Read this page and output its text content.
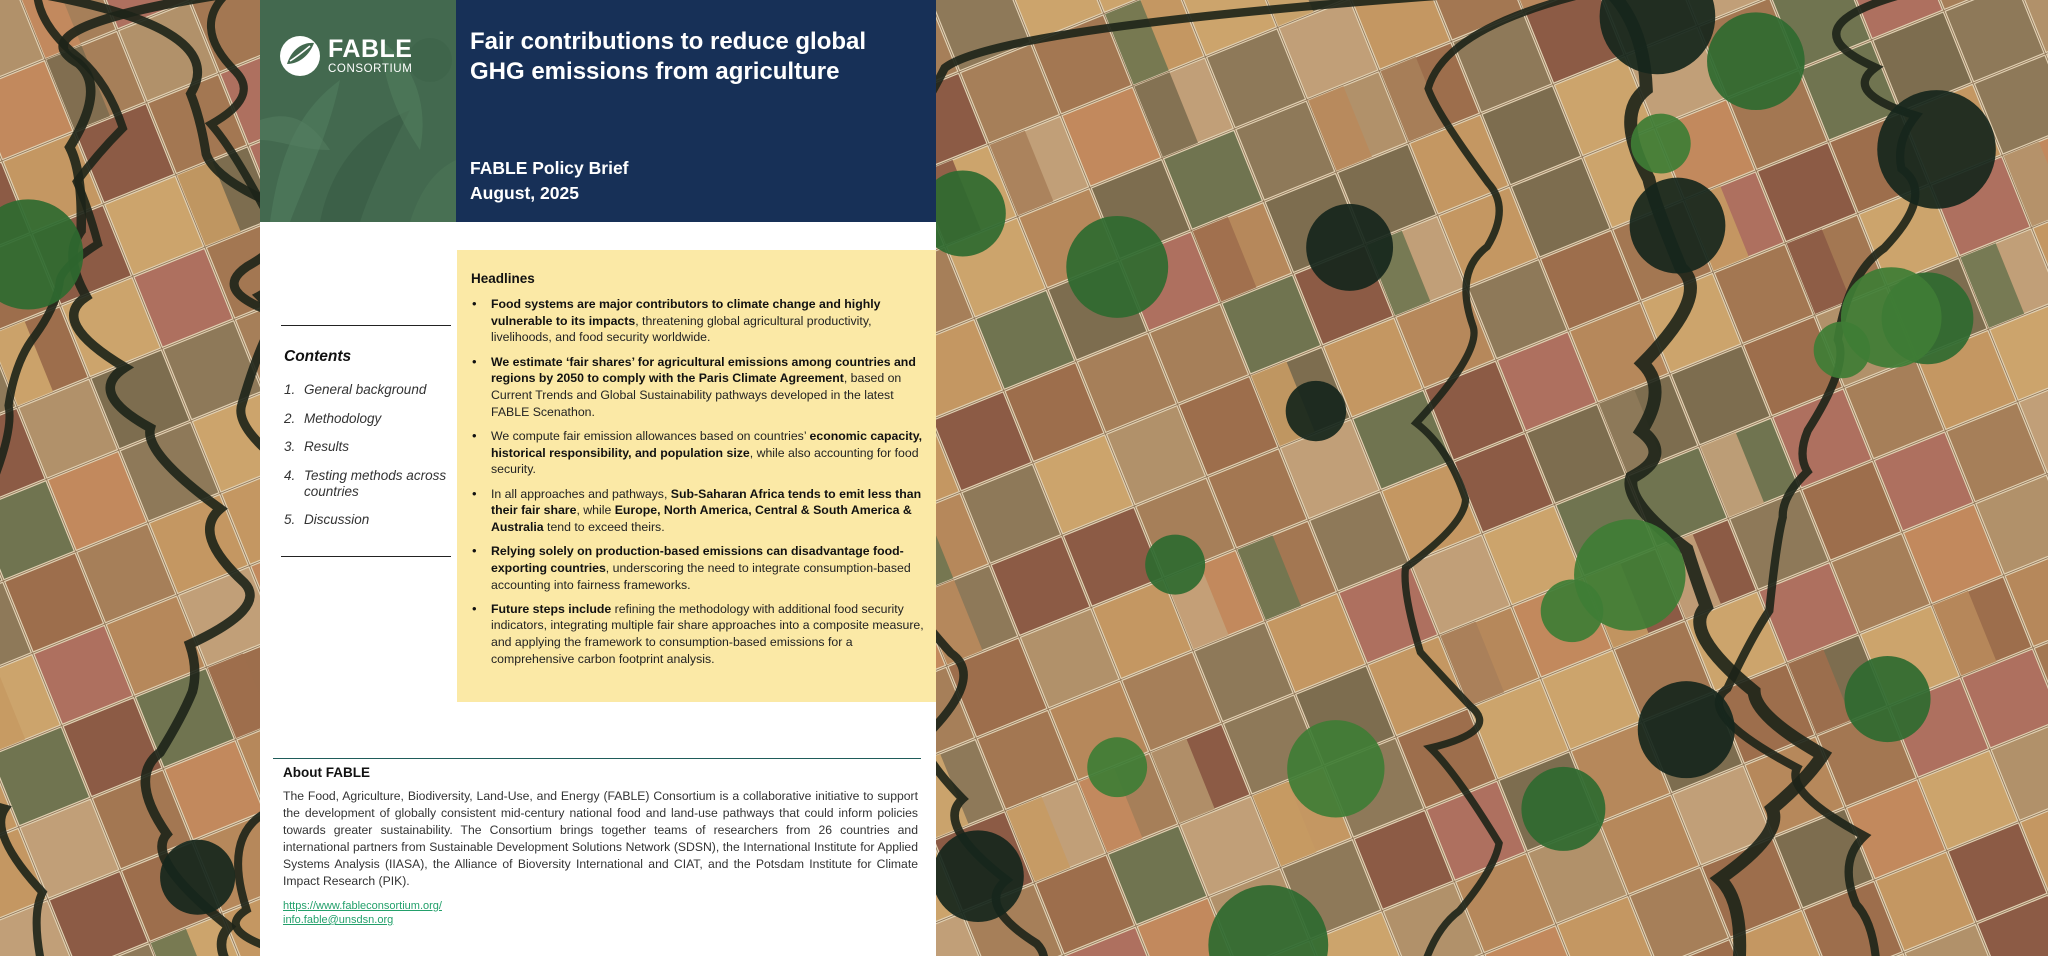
FABLE
CONSORTIUM
Fair contributions to reduce global GHG emissions from agriculture
FABLE Policy Brief
August, 2025
Contents
1. General background
2. Methodology
3. Results
4. Testing methods across countries
5. Discussion
Headlines
• Food systems are major contributors to climate change and highly vulnerable to its impacts, threatening global agricultural productivity, livelihoods, and food security worldwide.
• We estimate ‘fair shares’ for agricultural emissions among countries and regions by 2050 to comply with the Paris Climate Agreement, based on Current Trends and Global Sustainability pathways developed in the latest FABLE Scenathon.
• We compute fair emission allowances based on countries’ economic capacity, historical responsibility, and population size, while also accounting for food security.
• In all approaches and pathways, Sub-Saharan Africa tends to emit less than their fair share, while Europe, North America, Central & South America & Australia tend to exceed theirs.
• Relying solely on production-based emissions can disadvantage food-exporting countries, underscoring the need to integrate consumption-based accounting into fairness frameworks.
• Future steps include refining the methodology with additional food security indicators, integrating multiple fair share approaches into a composite measure, and applying the framework to consumption-based emissions for a comprehensive carbon footprint analysis.
About FABLE

The Food, Agriculture, Biodiversity, Land-Use, and Energy (FABLE) Consortium is a collaborative initiative to support the development of globally consistent mid-century national food and land-use pathways that could inform policies towards greater sustainability. The Consortium brings together teams of researchers from 26 countries and international partners from Sustainable Development Solutions Network (SDSN), the International Institute for Applied Systems Analysis (IIASA), the Alliance of Bioversity International and CIAT, and the Potsdam Institute for Climate Impact Research (PIK).

https://www.fableconsortium.org/
info.fable@unsdsn.org
